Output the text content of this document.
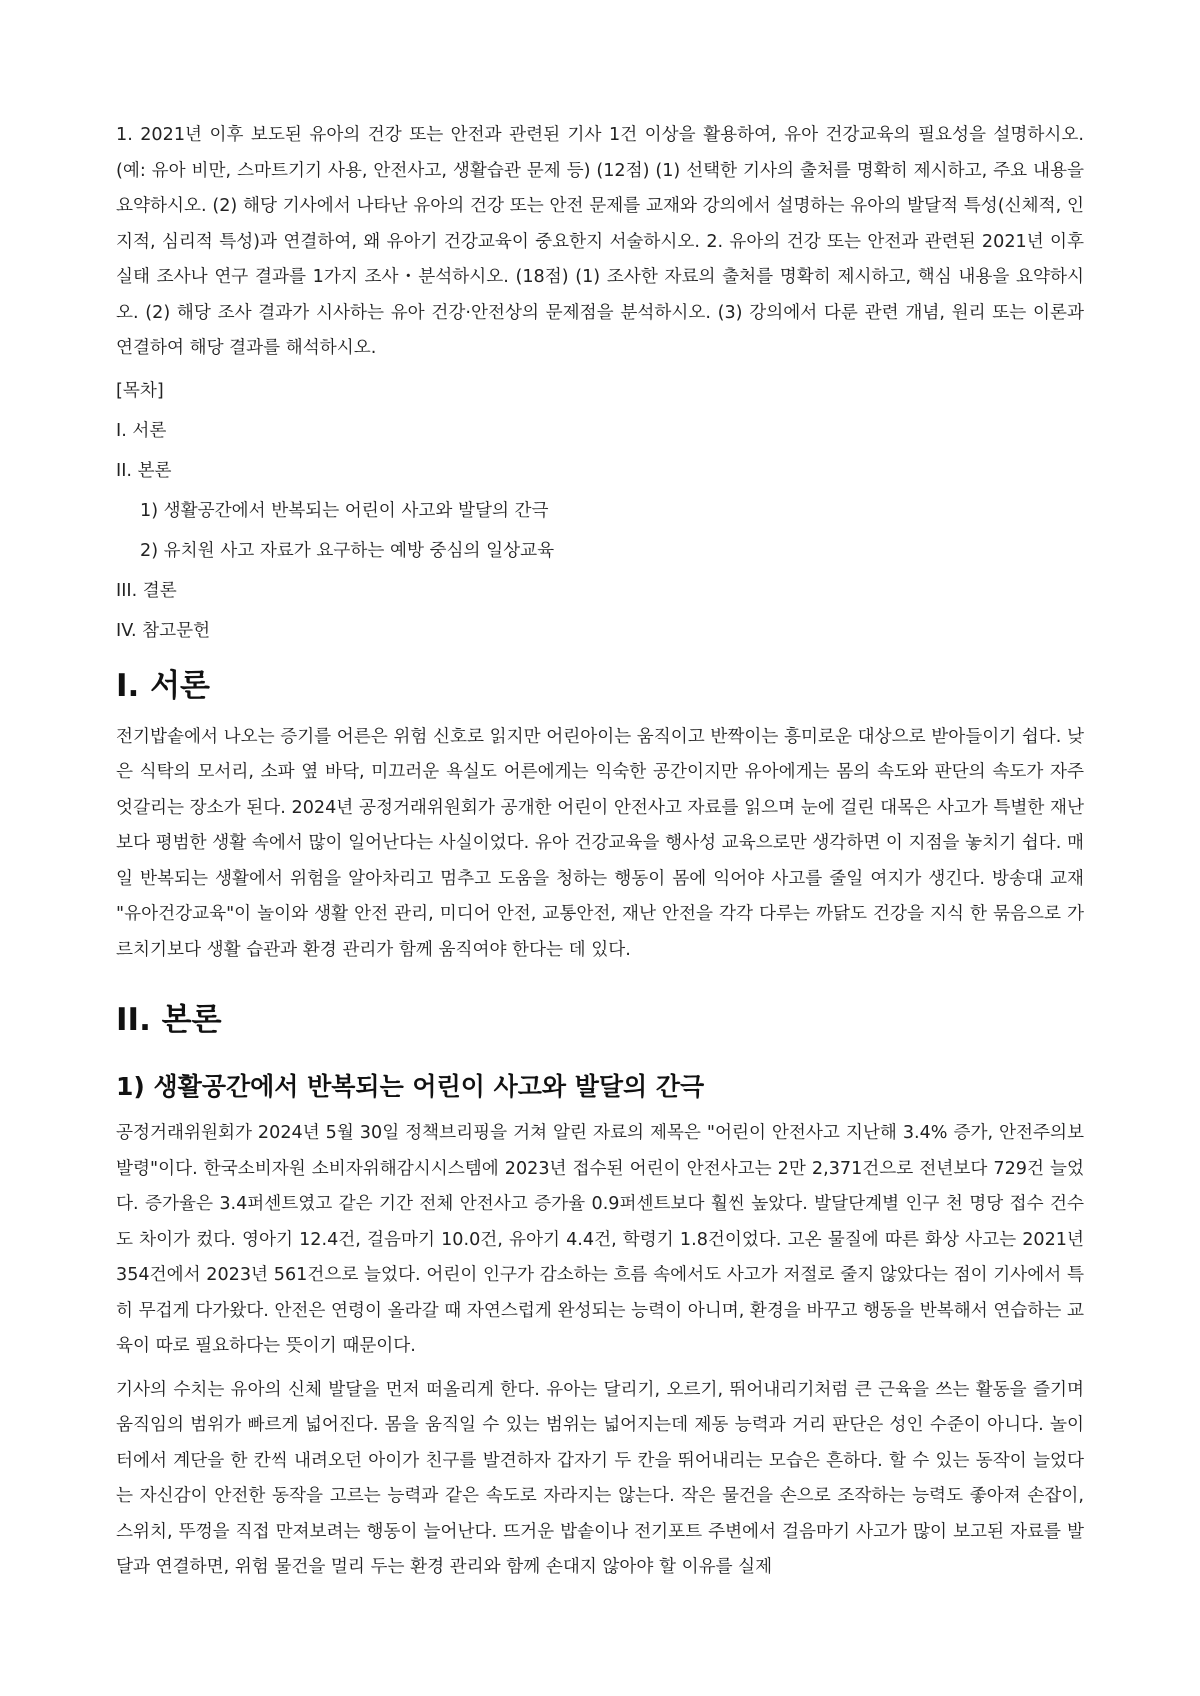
1. 2021년 이후 보도된 유아의 건강 또는 안전과 관련된 기사 1건 이상을 활용하여, 유아 건강교육의 필요성을 설명하시오. (예: 유아 비만, 스마트기기 사용, 안전사고, 생활습관 문제 등) (12점) (1) 선택한 기사의 출처를 명확히 제시하고, 주요 내용을 요약하시오. (2) 해당 기사에서 나타난 유아의 건강 또는 안전 문제를 교재와 강의에서 설명하는 유아의 발달적 특성(신체적, 인지적, 심리적 특성)과 연결하여, 왜 유아기 건강교육이 중요한지 서술하시오. 2. 유아의 건강 또는 안전과 관련된 2021년 이후 실태 조사나 연구 결과를 1가지 조사・분석하시오. (18점) (1) 조사한 자료의 출처를 명확히 제시하고, 핵심 내용을 요약하시오. (2) 해당 조사 결과가 시사하는 유아 건강·안전상의 문제점을 분석하시오. (3) 강의에서 다룬 관련 개념, 원리 또는 이론과 연결하여 해당 결과를 해석하시오.

[목차]
I. 서론
II. 본론
1) 생활공간에서 반복되는 어린이 사고와 발달의 간극
2) 유치원 사고 자료가 요구하는 예방 중심의 일상교육
III. 결론
IV. 참고문헌
I. 서론

전기밥솥에서 나오는 증기를 어른은 위험 신호로 읽지만 어린아이는 움직이고 반짝이는 흥미로운 대상으로 받아들이기 쉽다. 낮은 식탁의 모서리, 소파 옆 바닥, 미끄러운 욕실도 어른에게는 익숙한 공간이지만 유아에게는 몸의 속도와 판단의 속도가 자주 엇갈리는 장소가 된다. 2024년 공정거래위원회가 공개한 어린이 안전사고 자료를 읽으며 눈에 걸린 대목은 사고가 특별한 재난보다 평범한 생활 속에서 많이 일어난다는 사실이었다. 유아 건강교육을 행사성 교육으로만 생각하면 이 지점을 놓치기 쉽다. 매일 반복되는 생활에서 위험을 알아차리고 멈추고 도움을 청하는 행동이 몸에 익어야 사고를 줄일 여지가 생긴다. 방송대 교재 "유아건강교육"이 놀이와 생활 안전 관리, 미디어 안전, 교통안전, 재난 안전을 각각 다루는 까닭도 건강을 지식 한 묶음으로 가르치기보다 생활 습관과 환경 관리가 함께 움직여야 한다는 데 있다.

II. 본론
1) 생활공간에서 반복되는 어린이 사고와 발달의 간극

공정거래위원회가 2024년 5월 30일 정책브리핑을 거쳐 알린 자료의 제목은 "어린이 안전사고 지난해 3.4% 증가, 안전주의보 발령"이다. 한국소비자원 소비자위해감시시스템에 2023년 접수된 어린이 안전사고는 2만 2,371건으로 전년보다 729건 늘었다. 증가율은 3.4퍼센트였고 같은 기간 전체 안전사고 증가율 0.9퍼센트보다 훨씬 높았다. 발달단계별 인구 천 명당 접수 건수도 차이가 컸다. 영아기 12.4건, 걸음마기 10.0건, 유아기 4.4건, 학령기 1.8건이었다. 고온 물질에 따른 화상 사고는 2021년 354건에서 2023년 561건으로 늘었다. 어린이 인구가 감소하는 흐름 속에서도 사고가 저절로 줄지 않았다는 점이 기사에서 특히 무겁게 다가왔다. 안전은 연령이 올라갈 때 자연스럽게 완성되는 능력이 아니며, 환경을 바꾸고 행동을 반복해서 연습하는 교육이 따로 필요하다는 뜻이기 때문이다.

기사의 수치는 유아의 신체 발달을 먼저 떠올리게 한다. 유아는 달리기, 오르기, 뛰어내리기처럼 큰 근육을 쓰는 활동을 즐기며 움직임의 범위가 빠르게 넓어진다. 몸을 움직일 수 있는 범위는 넓어지는데 제동 능력과 거리 판단은 성인 수준이 아니다. 놀이터에서 계단을 한 칸씩 내려오던 아이가 친구를 발견하자 갑자기 두 칸을 뛰어내리는 모습은 흔하다. 할 수 있는 동작이 늘었다는 자신감이 안전한 동작을 고르는 능력과 같은 속도로 자라지는 않는다. 작은 물건을 손으로 조작하는 능력도 좋아져 손잡이, 스위치, 뚜껑을 직접 만져보려는 행동이 늘어난다. 뜨거운 밥솥이나 전기포트 주변에서 걸음마기 사고가 많이 보고된 자료를 발달과 연결하면, 위험 물건을 멀리 두는 환경 관리와 함께 손대지 않아야 할 이유를 실제
